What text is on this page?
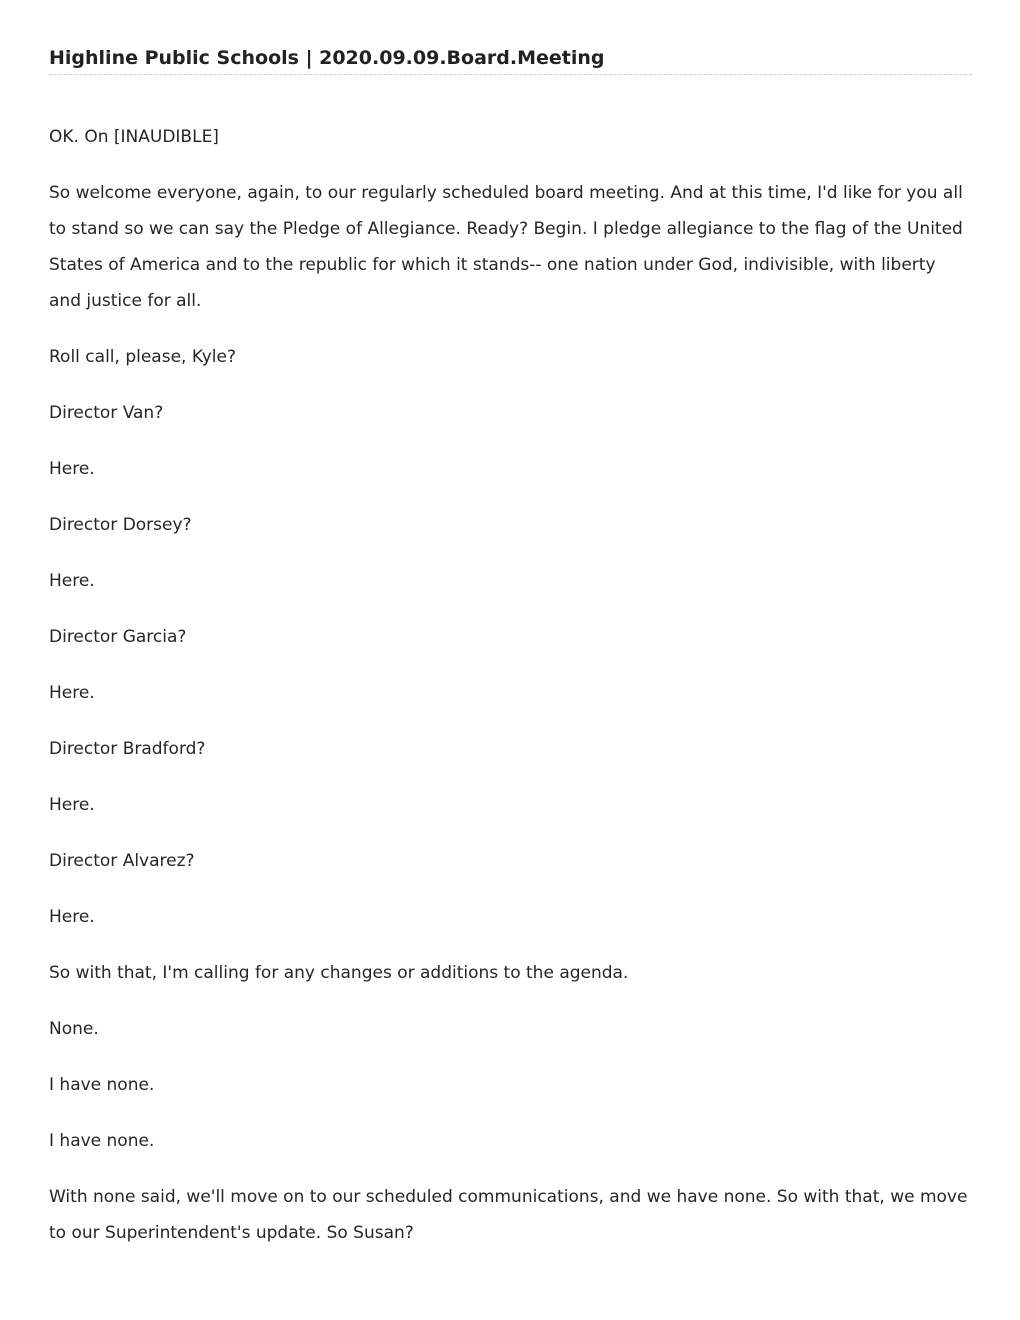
Highline Public Schools | 2020.09.09.Board.Meeting

OK. On [INAUDIBLE]

So welcome everyone, again, to our regularly scheduled board meeting. And at this time, I'd like for you all to stand so we can say the Pledge of Allegiance. Ready? Begin. I pledge allegiance to the flag of the United States of America and to the republic for which it stands-- one nation under God, indivisible, with liberty and justice for all.

Roll call, please, Kyle?

Director Van?

Here.

Director Dorsey?

Here.

Director Garcia?

Here.

Director Bradford?

Here.

Director Alvarez?

Here.

So with that, I'm calling for any changes or additions to the agenda.

None.

I have none.

I have none.

With none said, we'll move on to our scheduled communications, and we have none. So with that, we move to our Superintendent's update. So Susan?
